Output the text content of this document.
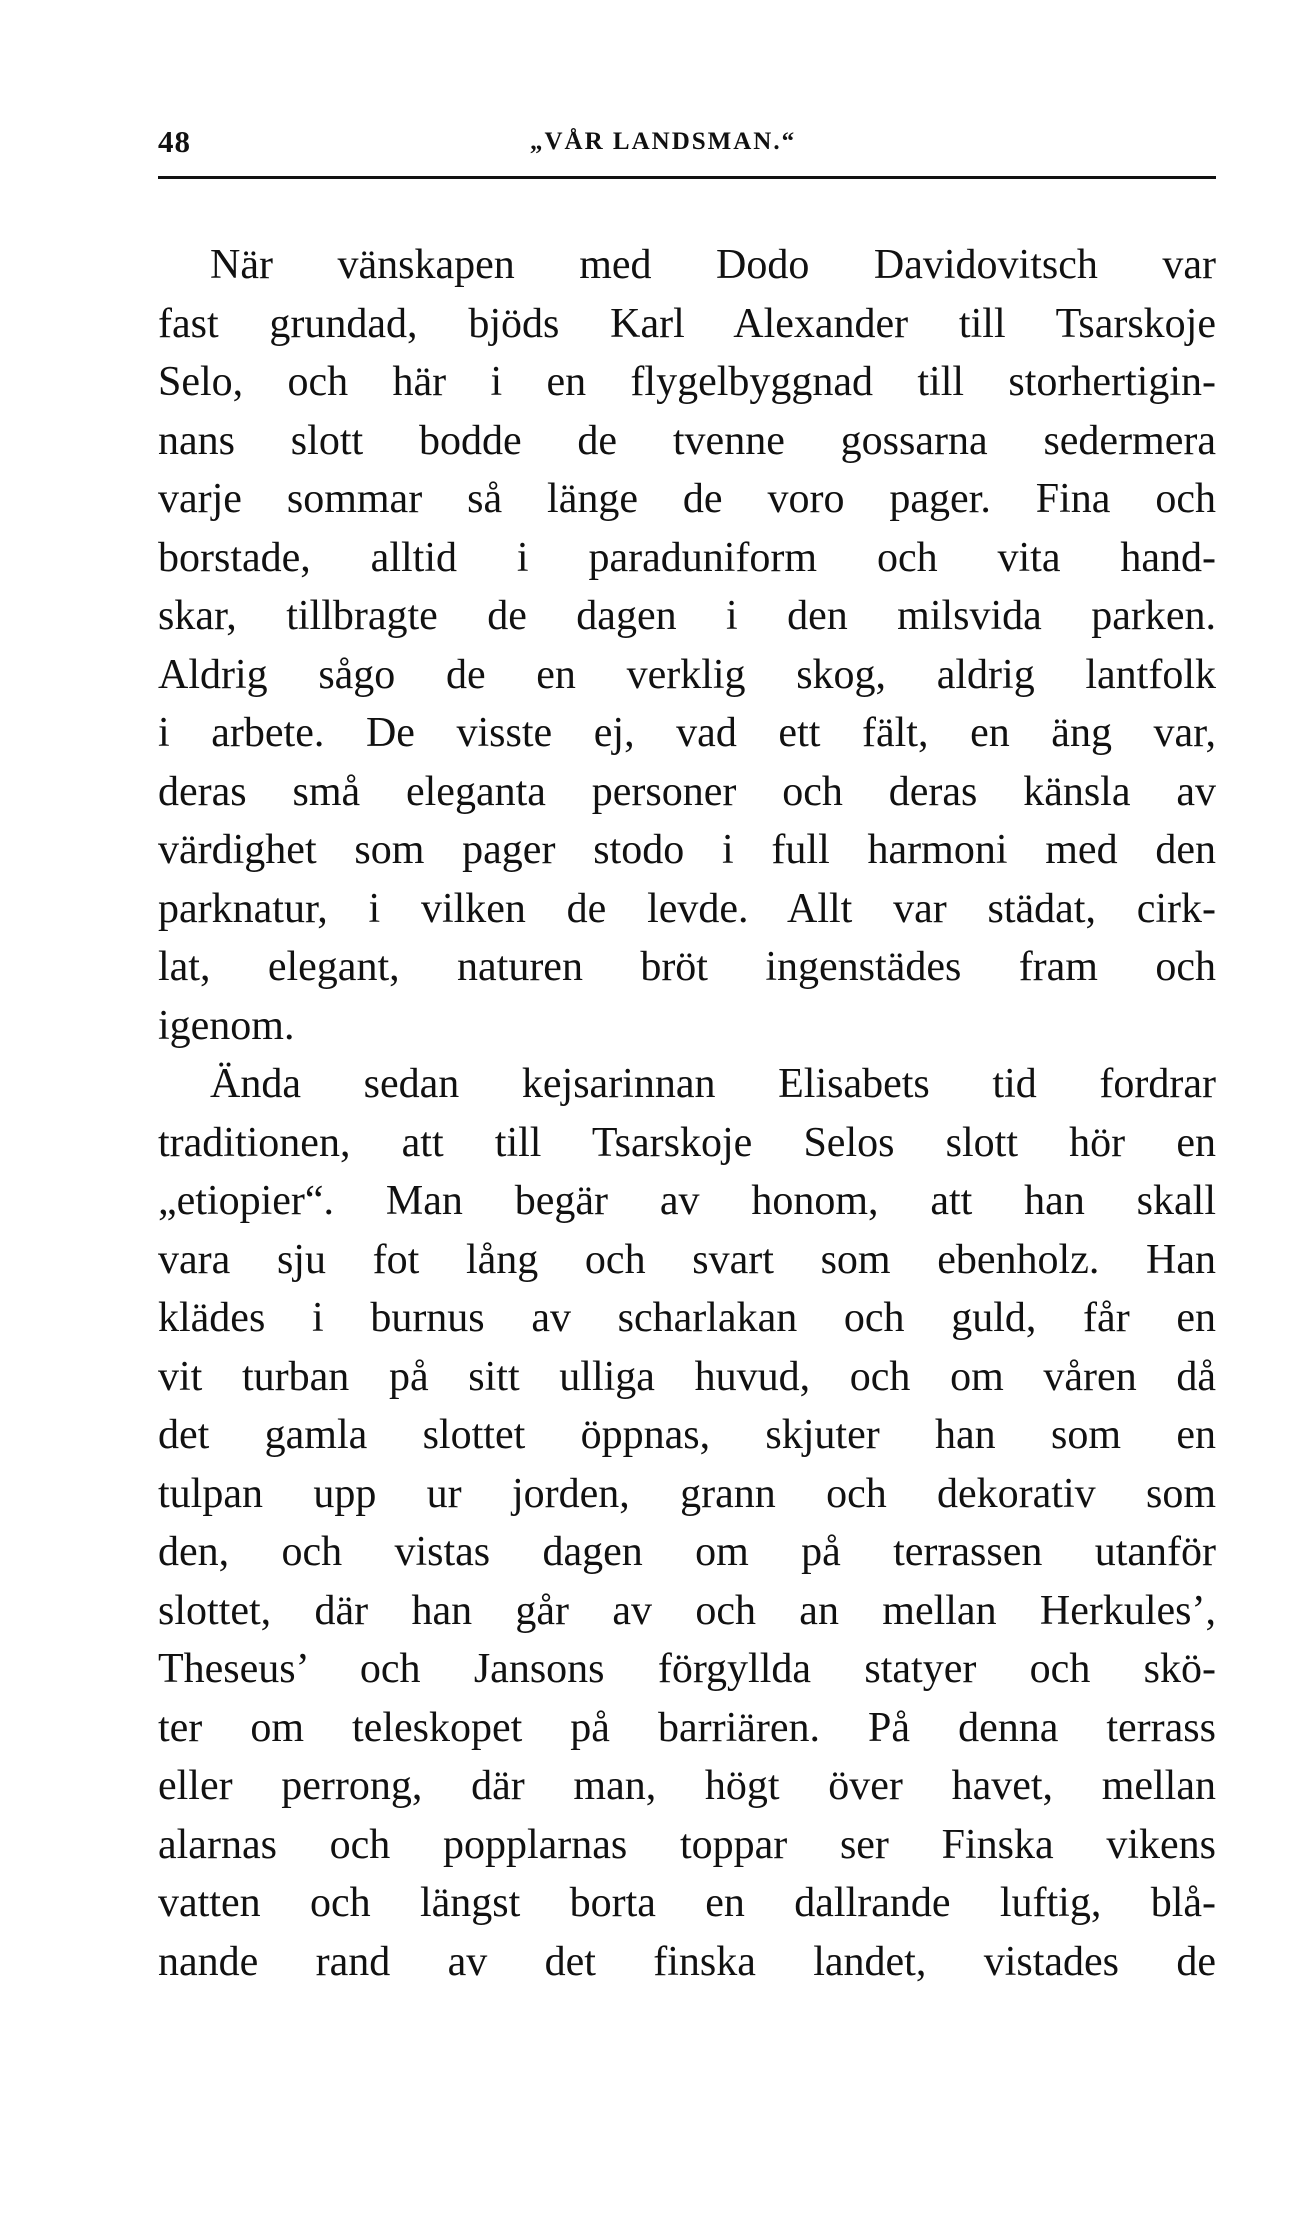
48	„VÅR LANDSMAN.“
När vänskapen med Dodo Davidovitsch var
fast grundad, bjöds Karl Alexander till Tsarskoje
Selo, och här i en flygelbyggnad till storhertigin-
nans slott bodde de tvenne gossarna sedermera
varje sommar så länge de voro pager. Fina och
borstade, alltid i paraduniform och vita hand-
skar, tillbragte de dagen i den milsvida parken.
Aldrig sågo de en verklig skog, aldrig lantfolk
i arbete. De visste ej, vad ett fält, en äng var,
deras små eleganta personer och deras känsla av
värdighet som pager stodo i full harmoni med den
parknatur, i vilken de levde. Allt var städat, cirk-
lat, elegant, naturen bröt ingenstädes fram och
igenom.
Ända sedan kejsarinnan Elisabets tid fordrar
traditionen, att till Tsarskoje Selos slott hör en
„etiopier“. Man begär av honom, att han skall
vara sju fot lång och svart som ebenholz. Han
klädes i burnus av scharlakan och guld, får en
vit turban på sitt ulliga huvud, och om våren då
det gamla slottet öppnas, skjuter han som en
tulpan upp ur jorden, grann och dekorativ som
den, och vistas dagen om på terrassen utanför
slottet, där han går av och an mellan Herkules’,
Theseus’ och Jansons förgyllda statyer och skö-
ter om teleskopet på barriären. På denna terrass
eller perrong, där man, högt över havet, mellan
alarnas och popplarnas toppar ser Finska vikens
vatten och längst borta en dallrande luftig, blå-
nande rand av det finska landet, vistades de
